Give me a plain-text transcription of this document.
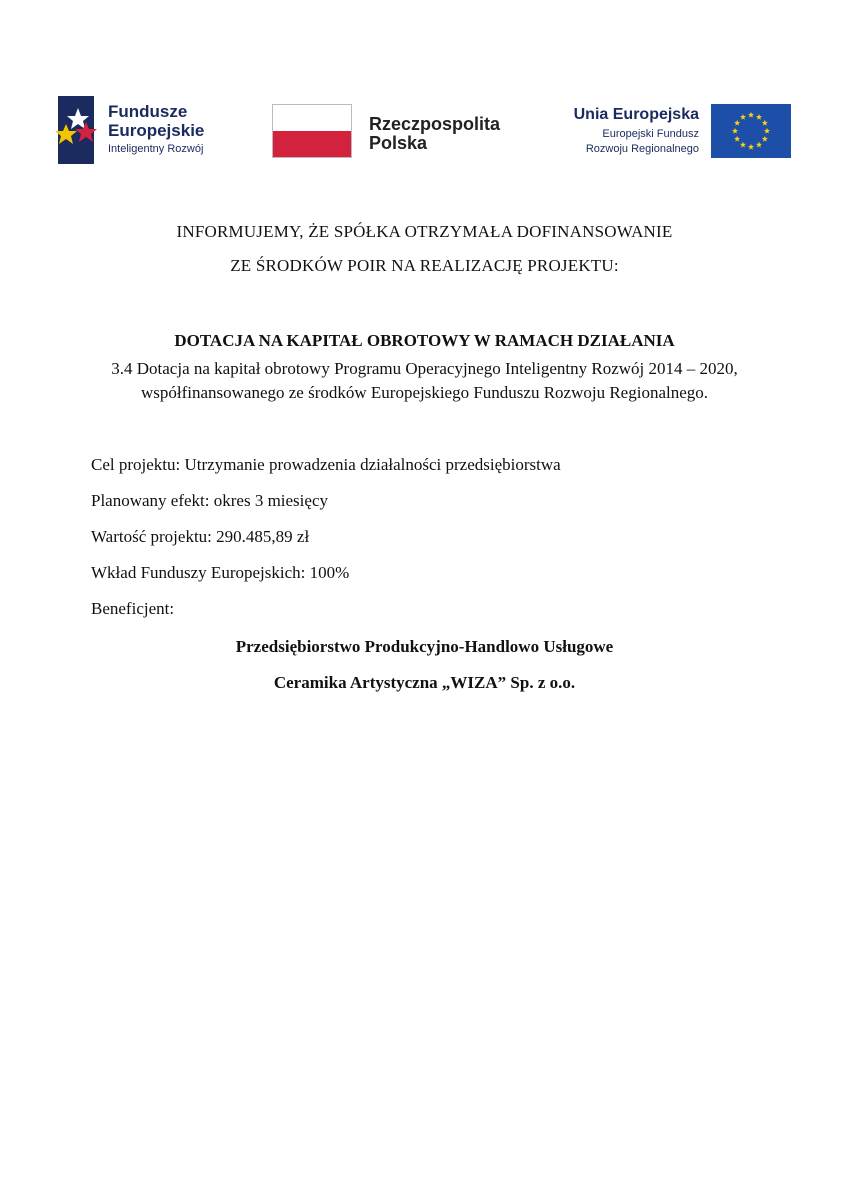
Fundusze
Europejskie
Inteligentny Rozwój
Rzeczpospolita
Polska
Unia Europejska
Europejski Fundusz
Rozwoju Regionalnego
INFORMUJEMY, ŻE SPÓŁKA OTRZYMAŁA DOFINANSOWANIE
ZE ŚRODKÓW POIR NA REALIZACJĘ PROJEKTU:
DOTACJA NA KAPITAŁ OBROTOWY W RAMACH DZIAŁANIA
3.4 Dotacja na kapitał obrotowy Programu Operacyjnego Inteligentny Rozwój 2014 – 2020,
współfinansowanego ze środków Europejskiego Funduszu Rozwoju Regionalnego.
Cel projektu: Utrzymanie prowadzenia działalności przedsiębiorstwa
Planowany efekt: okres 3 miesięcy
Wartość projektu: 290.485,89 zł
Wkład Funduszy Europejskich: 100%
Beneficjent:
Przedsiębiorstwo Produkcyjno-Handlowo Usługowe
Ceramika Artystyczna „WIZA” Sp. z o.o.
